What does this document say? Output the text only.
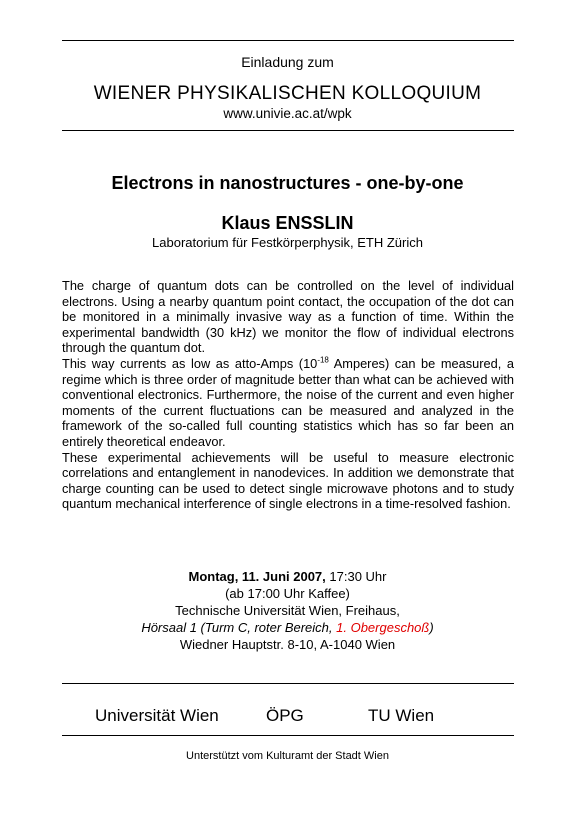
Einladung zum
WIENER PHYSIKALISCHEN KOLLOQUIUM
www.univie.ac.at/wpk
Electrons in nanostructures - one-by-one
Klaus ENSSLIN
Laboratorium für Festkörperphysik, ETH Zürich

The charge of quantum dots can be controlled on the level of individual electrons. Using a nearby quantum point contact, the occupation of the dot can be monitored in a minimally invasive way as a function of time. Within the experimental bandwidth (30 kHz) we monitor the flow of individual electrons through the quantum dot.

This way currents as low as atto-Amps ($10^{-18}$ Amperes) can be measured, a regime which is three order of magnitude better than what can be achieved with conventional electronics. Furthermore, the noise of the current and even higher moments of the current fluctuations can be measured and analyzed in the framework of the so-called full counting statistics which has so far been an entirely theoretical endeavor.

These experimental achievements will be useful to measure electronic correlations and entanglement in nanodevices. In addition we demonstrate that charge counting can be used to detect single microwave photons and to study quantum mechanical interference of single electrons in a time-resolved fashion.

Montag, 11. Juni 2007, 17:30 Uhr
(ab 17:00 Uhr Kaffee)
Technische Universität Wien, Freihaus,
Hörsaal 1 (Turm C, roter Bereich, 1. Obergeschoß)
Wiedner Hauptstr. 8-10, A-1040 Wien
Universität Wien	ÖPG	TU Wien
Unterstützt vom Kulturamt der Stadt Wien
